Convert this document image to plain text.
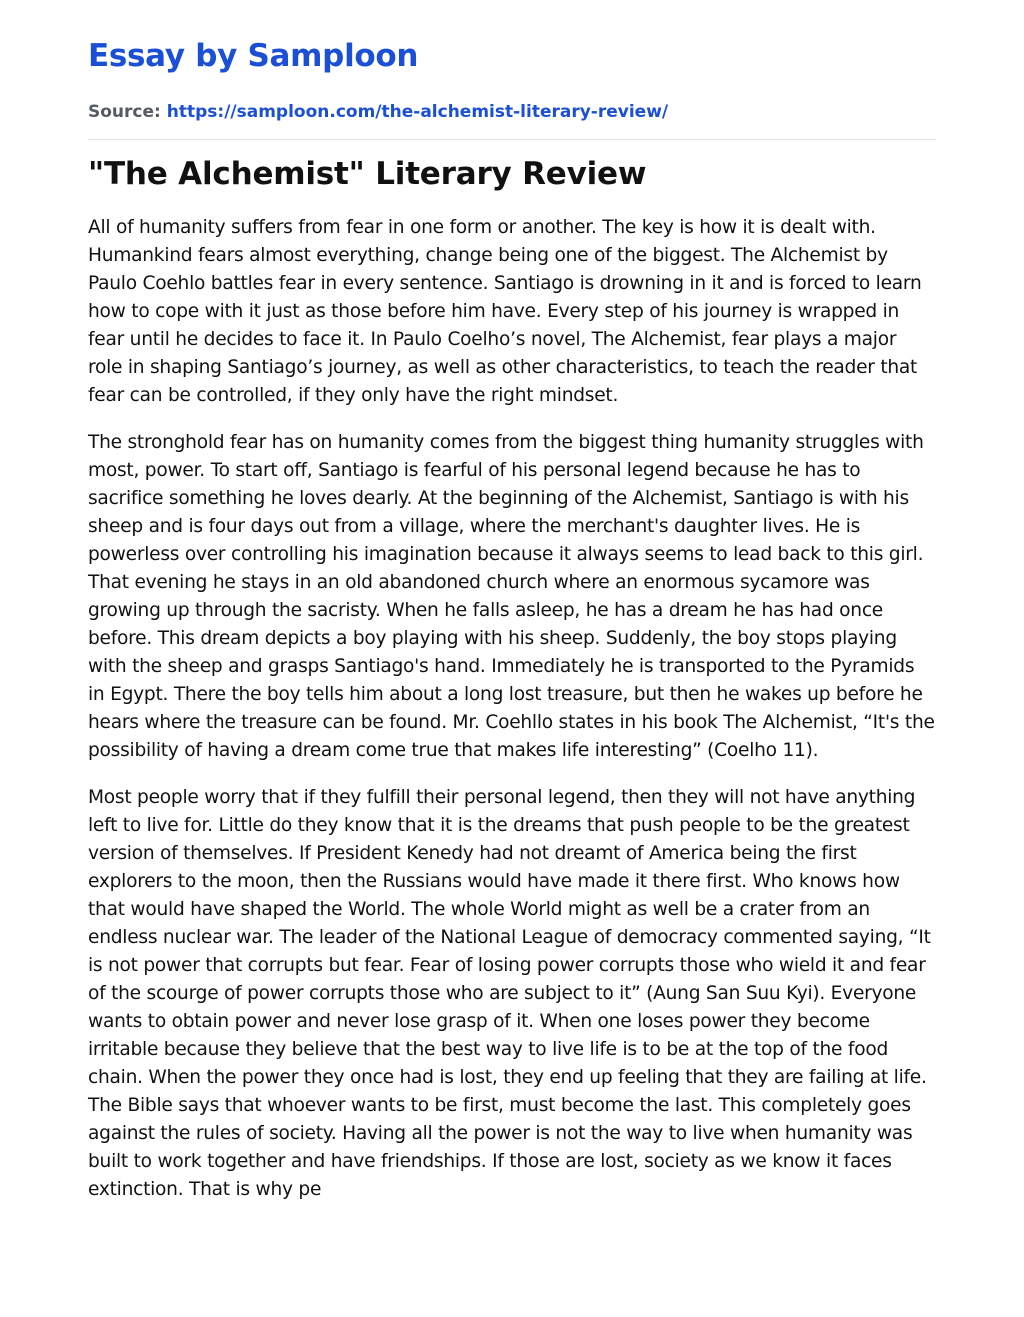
Essay by Samploon
Source: https://samploon.com/the-alchemist-literary-review/
"The Alchemist" Literary Review

All of humanity suffers from fear in one form or another. The key is how it is dealt with. Humankind fears almost everything, change being one of the biggest. The Alchemist by Paulo Coehlo battles fear in every sentence. Santiago is drowning in it and is forced to learn how to cope with it just as those before him have. Every step of his journey is wrapped in fear until he decides to face it. In Paulo Coelho’s novel, The Alchemist, fear plays a major role in shaping Santiago’s journey, as well as other characteristics, to teach the reader that fear can be controlled, if they only have the right mindset.

The stronghold fear has on humanity comes from the biggest thing humanity struggles with most, power. To start off, Santiago is fearful of his personal legend because he has to sacrifice something he loves dearly. At the beginning of the Alchemist, Santiago is with his sheep and is four days out from a village, where the merchant's daughter lives. He is powerless over controlling his imagination because it always seems to lead back to this girl. That evening he stays in an old abandoned church where an enormous sycamore was growing up through the sacristy. When he falls asleep, he has a dream he has had once before. This dream depicts a boy playing with his sheep. Suddenly, the boy stops playing with the sheep and grasps Santiago's hand. Immediately he is transported to the Pyramids in Egypt. There the boy tells him about a long lost treasure, but then he wakes up before he hears where the treasure can be found. Mr. Coehllo states in his book The Alchemist, “It's the possibility of having a dream come true that makes life interesting” (Coelho 11).

Most people worry that if they fulfill their personal legend, then they will not have anything left to live for. Little do they know that it is the dreams that push people to be the greatest version of themselves. If President Kenedy had not dreamt of America being the first explorers to the moon, then the Russians would have made it there first. Who knows how that would have shaped the World. The whole World might as well be a crater from an endless nuclear war. The leader of the National League of democracy commented saying, “It is not power that corrupts but fear. Fear of losing power corrupts those who wield it and fear of the scourge of power corrupts those who are subject to it” (Aung San Suu Kyi). Everyone wants to obtain power and never lose grasp of it. When one loses power they become irritable because they believe that the best way to live life is to be at the top of the food chain. When the power they once had is lost, they end up feeling that they are failing at life. The Bible says that whoever wants to be first, must become the last. This completely goes against the rules of society. Having all the power is not the way to live when humanity was built to work together and have friendships. If those are lost, society as we know it faces extinction. That is why pe
